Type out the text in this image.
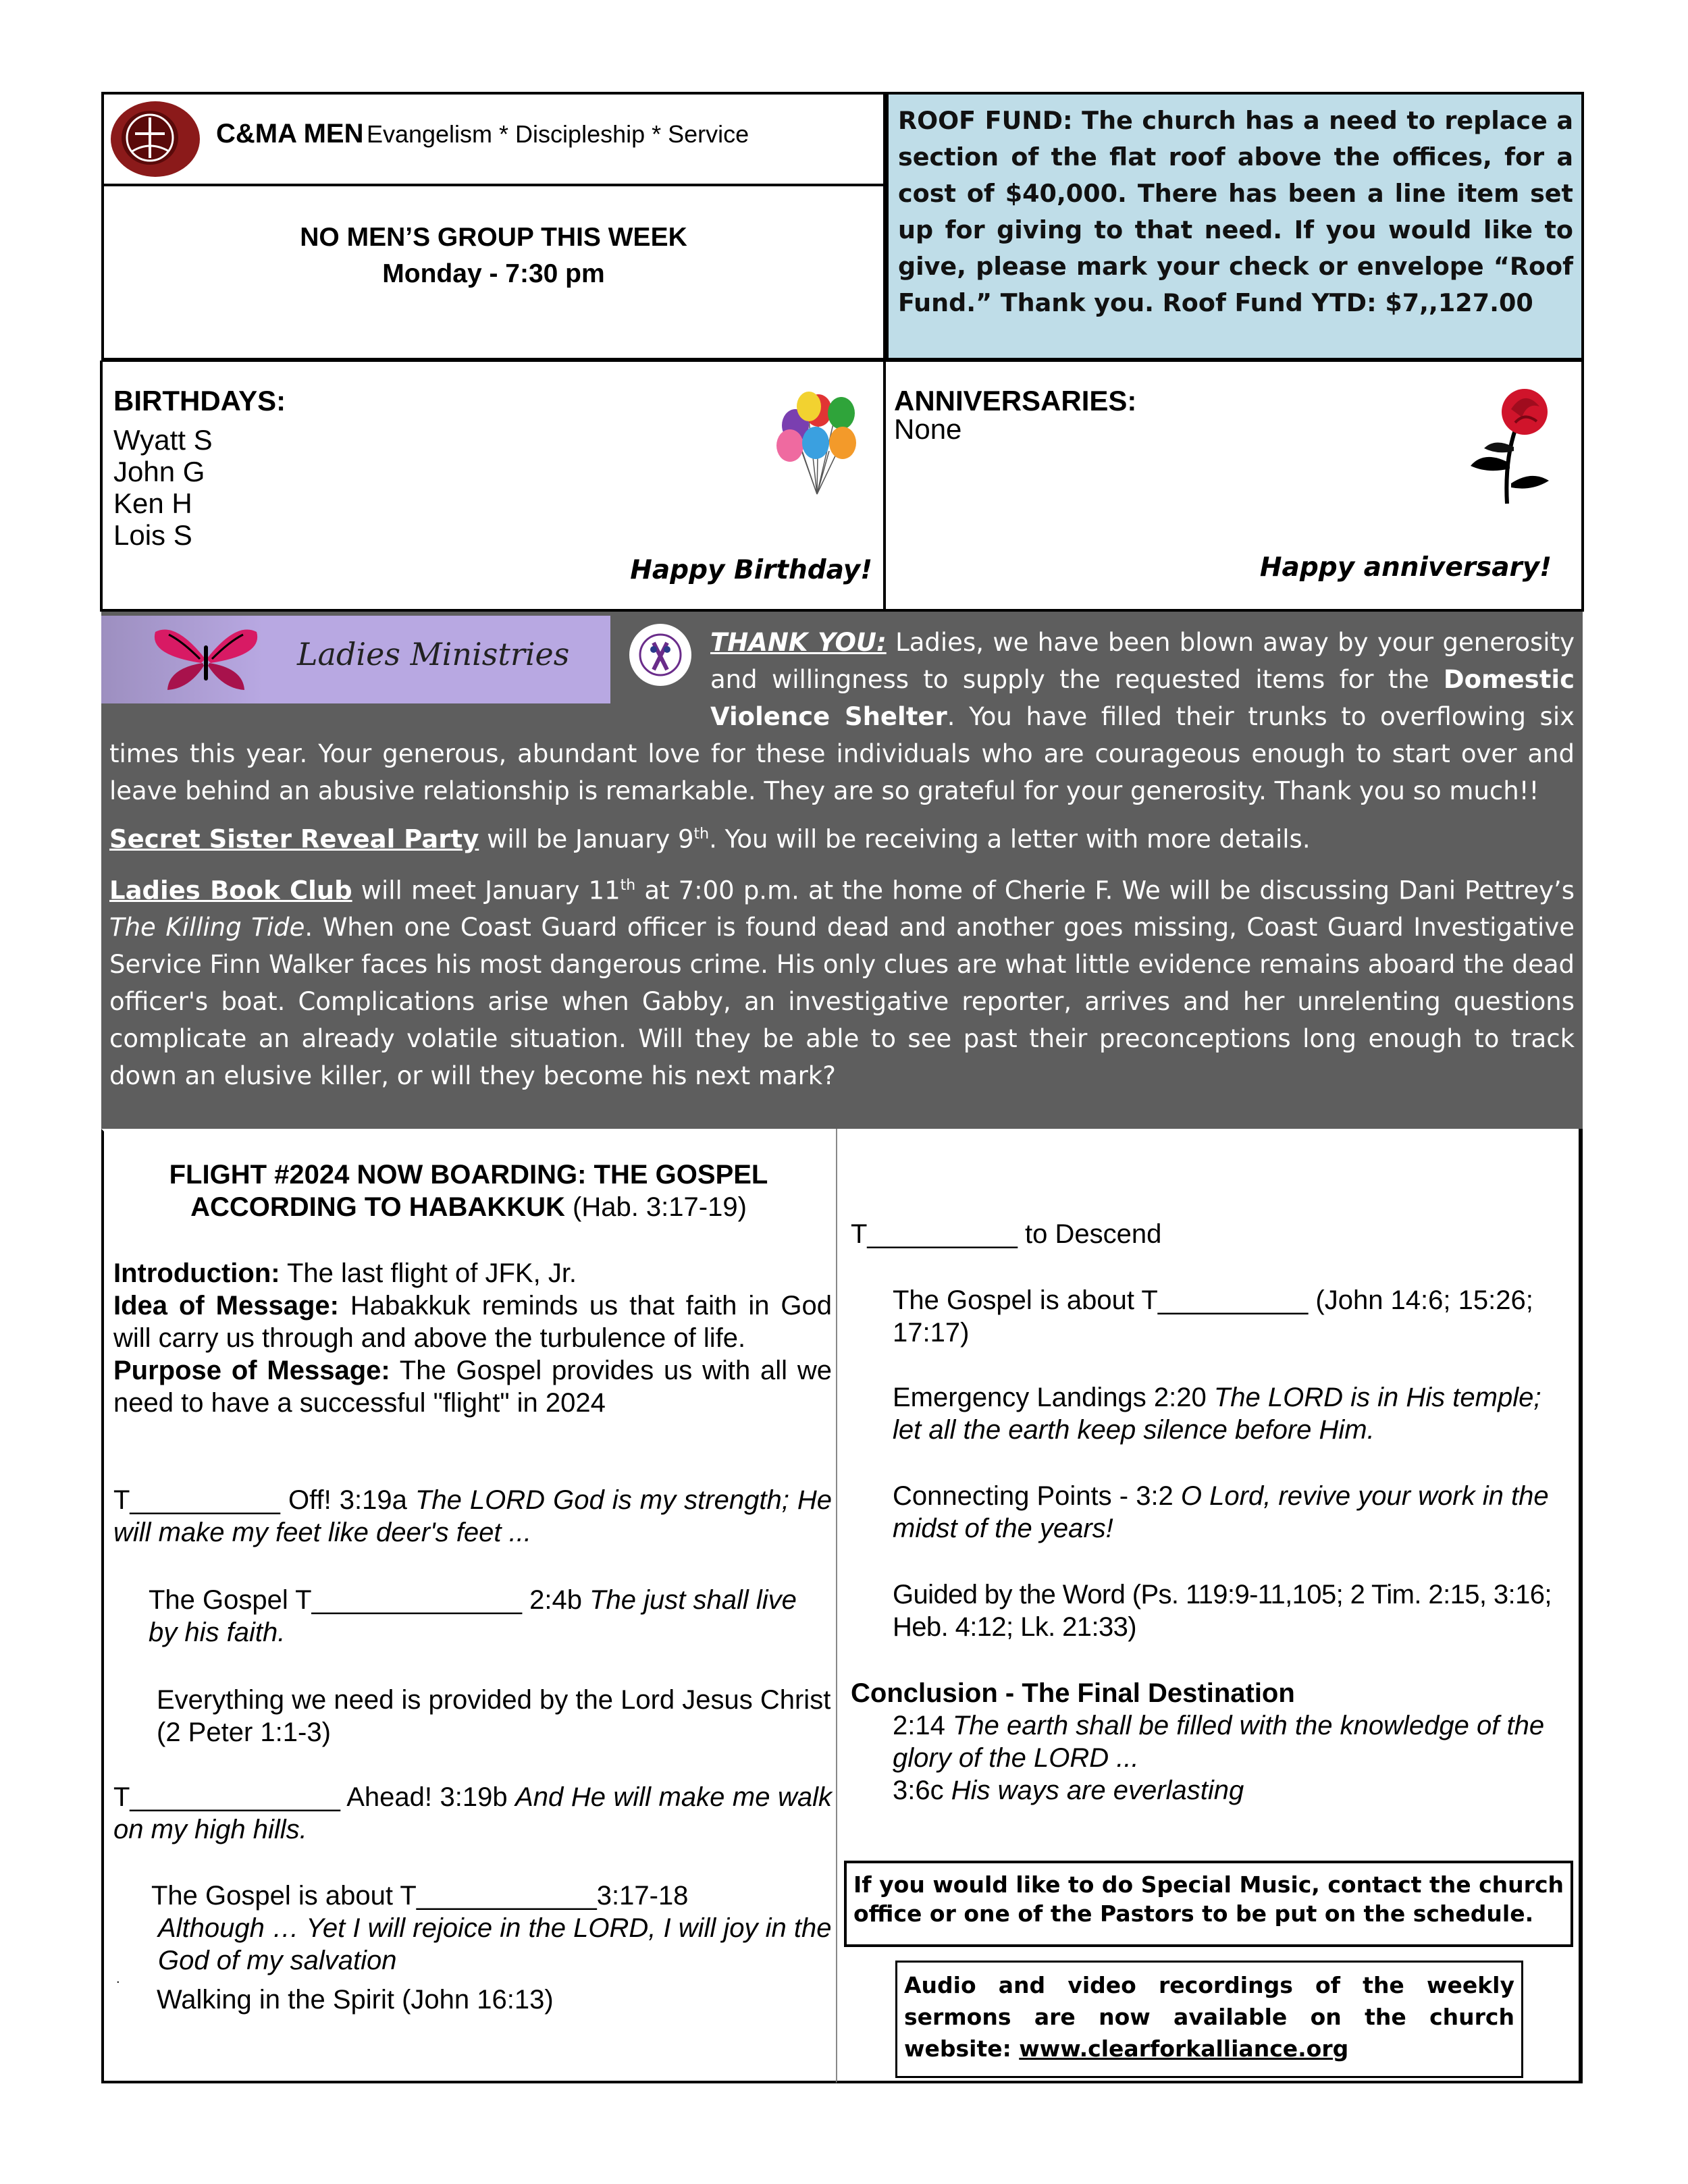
C&MA MEN Evangelism * Discipleship * Service
NO MEN’S GROUP THIS WEEK
Monday - 7:30 pm
ROOF FUND: The church has a need to replace a section of the flat roof above the offices, for a cost of $40,000. There has been a line item set up for giving to that need. If you would like to give, please mark your check or envelope “Roof Fund.” Thank you. Roof Fund YTD: $7,,127.00
BIRTHDAYS:
Wyatt S
John G
Ken H
Lois S
Happy Birthday!
ANNIVERSARIES:
None
Happy anniversary!
Ladies Ministries	THANK YOU: Ladies, we have been blown away by your generosity and willingness to supply the requested items for the Domestic Violence Shelter. You have filled their trunks to overflowing six times this year. Your generous, abundant love for these individuals who are courageous enough to start over and leave behind an abusive relationship is remarkable. They are so grateful for your generosity. Thank you so much!!
Secret Sister Reveal Party will be January 9th. You will be receiving a letter with more details.
Ladies Book Club will meet January 11th at 7:00 p.m. at the home of Cherie F. We will be discussing Dani Pettrey’s The Killing Tide. When one Coast Guard officer is found dead and another goes missing, Coast Guard Investigative Service Finn Walker faces his most dangerous crime. His only clues are what little evidence remains aboard the dead officer's boat. Complications arise when Gabby, an investigative reporter, arrives and her unrelenting questions complicate an already volatile situation. Will they be able to see past their preconceptions long enough to track down an elusive killer, or will they become his next mark?
FLIGHT #2024 NOW BOARDING: THE GOSPEL ACCORDING TO HABAKKUK (Hab. 3:17-19)
Introduction: The last flight of JFK, Jr.
Idea of Message: Habakkuk reminds us that faith in God will carry us through and above the turbulence of life.
Purpose of Message: The Gospel provides us with all we need to have a successful "flight" in 2024
T__________ Off! 3:19a The LORD God is my strength; He will make my feet like deer's feet ...
The Gospel T______________ 2:4b The just shall live by his faith.
Everything we need is provided by the Lord Jesus Christ (2 Peter 1:1-3)
T______________ Ahead! 3:19b And He will make me walk on my high hills.
The Gospel is about T____________3:17-18
Although … Yet I will rejoice in the LORD, I will joy in the God of my salvation
.
Walking in the Spirit (John 16:13)
T__________ to Descend
The Gospel is about T__________ (John 14:6; 15:26; 17:17)
Emergency Landings 2:20 The LORD is in His temple; let all the earth keep silence before Him.
Connecting Points - 3:2 O Lord, revive your work in the midst of the years!
Guided by the Word (Ps. 119:9-11,105; 2 Tim. 2:15, 3:16; Heb. 4:12; Lk. 21:33)
Conclusion - The Final Destination
2:14 The earth shall be filled with the knowledge of the glory of the LORD ...
3:6c His ways are everlasting
If you would like to do Special Music, contact the church office or one of the Pastors to be put on the schedule.
Audio and video recordings of the weekly sermons are now available on the church website: www.clearforkalliance.org
